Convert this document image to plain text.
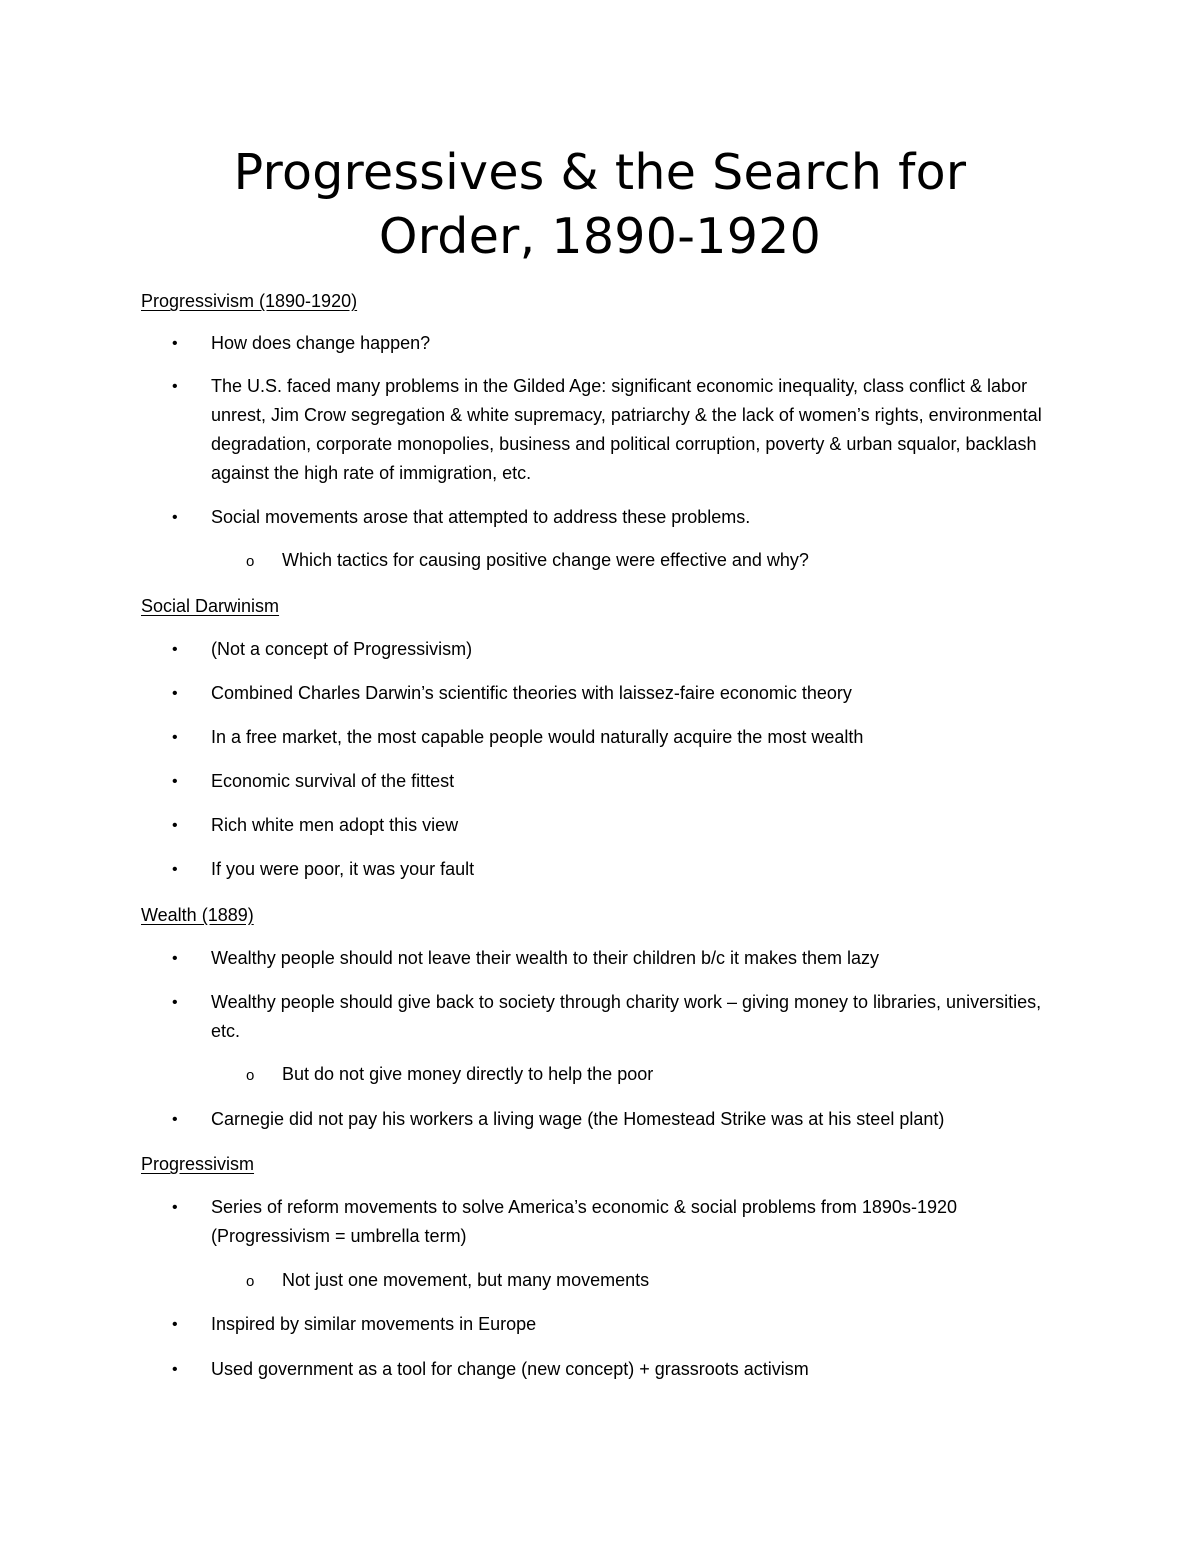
Progressives & the Search for
Order, 1890-1920
Progressivism (1890-1920)
• How does change happen?
• The U.S. faced many problems in the Gilded Age: significant economic inequality, class conflict & labor unrest, Jim Crow segregation & white supremacy, patriarchy & the lack of women’s rights, environmental degradation, corporate monopolies, business and political corruption, poverty & urban squalor, backlash against the high rate of immigration, etc.
• Social movements arose that attempted to address these problems.
o Which tactics for causing positive change were effective and why?
Social Darwinism
• (Not a concept of Progressivism)
• Combined Charles Darwin’s scientific theories with laissez-faire economic theory
• In a free market, the most capable people would naturally acquire the most wealth
• Economic survival of the fittest
• Rich white men adopt this view
• If you were poor, it was your fault
Wealth (1889)
• Wealthy people should not leave their wealth to their children b/c it makes them lazy
• Wealthy people should give back to society through charity work – giving money to libraries, universities, etc.
o But do not give money directly to help the poor
• Carnegie did not pay his workers a living wage (the Homestead Strike was at his steel plant)
Progressivism
• Series of reform movements to solve America’s economic & social problems from 1890s-1920 (Progressivism = umbrella term)
o Not just one movement, but many movements
• Inspired by similar movements in Europe
• Used government as a tool for change (new concept) + grassroots activism
